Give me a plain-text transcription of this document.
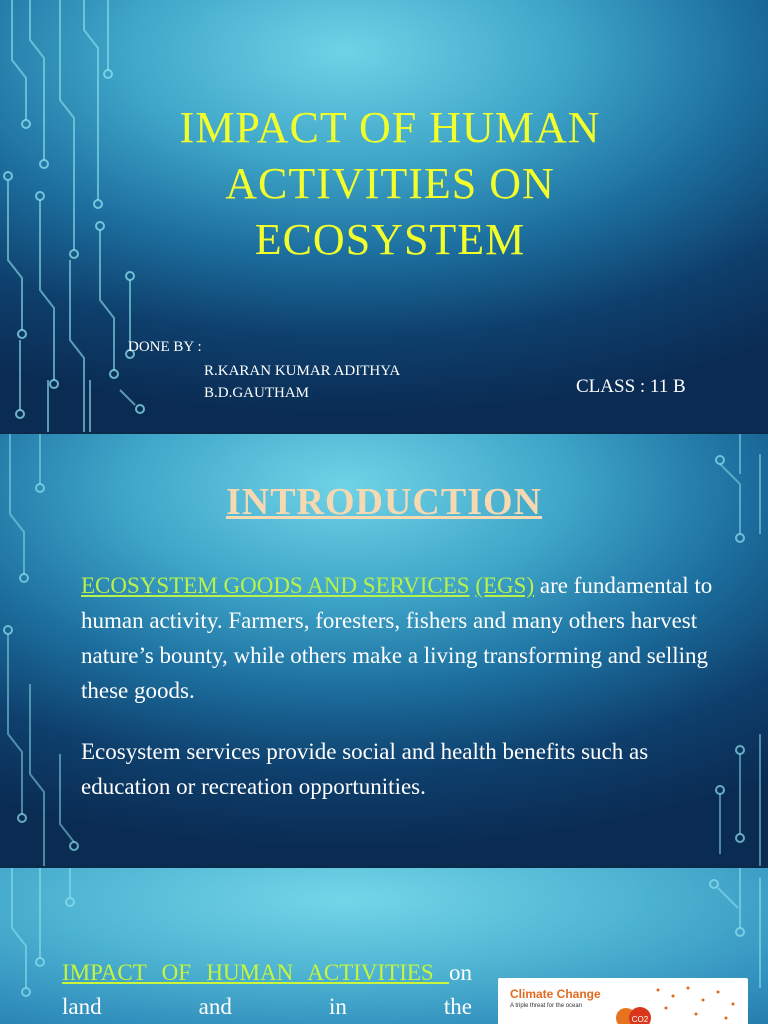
IMPACT OF HUMAN ACTIVITIES ON ECOSYSTEM
DONE BY :
R.KARAN KUMAR ADITHYA
B.D.GAUTHAM	CLASS : 11 B
INTRODUCTION
ECOSYSTEM GOODS AND SERVICES (EGS) are fundamental to human activity. Farmers, foresters, fishers and many others harvest nature’s bounty, while others make a living transforming and selling these goods.
Ecosystem services provide social and health benefits such as education or recreation opportunities.
IMPACT OF HUMAN ACTIVITIES on land and in the	Climate Change
A triple threat for the ocean
CO2
